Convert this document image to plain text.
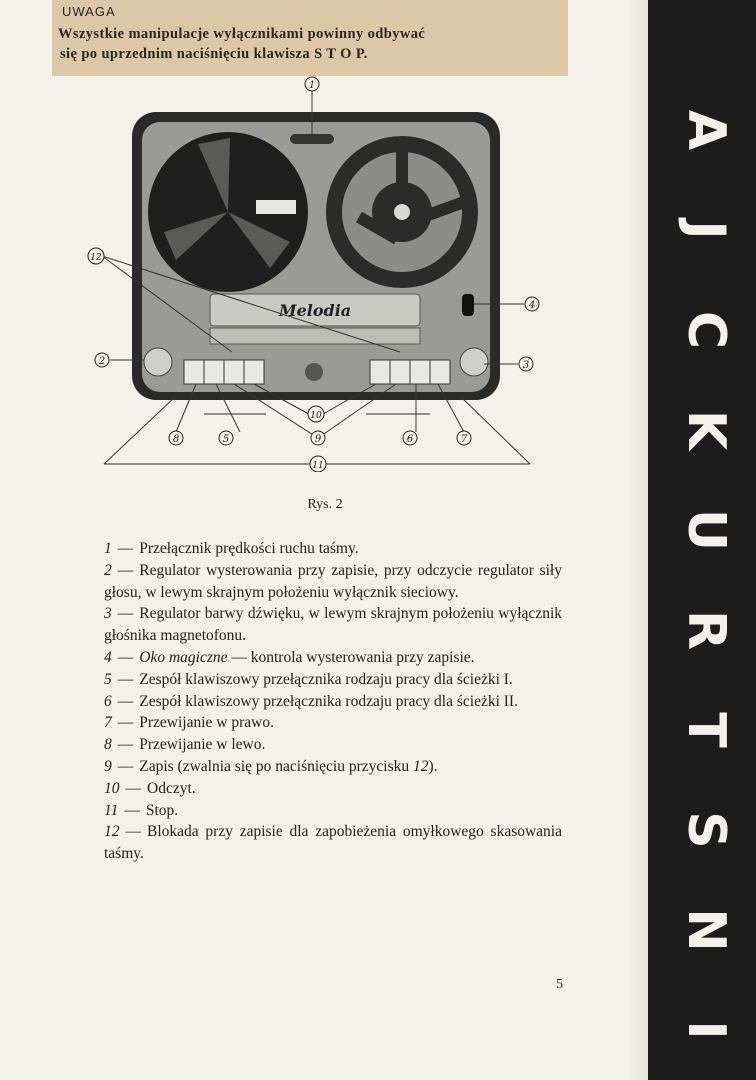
UWAGA
Wszystkie manipulacje wyłącznikami powinny odbywać
się po uprzednim naciśnięciu klawisza S T O P.
Melodia
1
2	3
4
5	6	7
8	9
10
11
12
Rys. 2

1 — Przełącznik prędkości ruchu taśmy.

2 — Regulator wysterowania przy zapisie, przy odczycie regulator siły głosu, w lewym skrajnym położeniu wyłącznik sieciowy.

3 — Regulator barwy dźwięku, w lewym skrajnym położeniu wyłącznik głośnika magnetofonu.

4 — Oko magiczne — kontrola wysterowania przy zapisie.

5 — Zespół klawiszowy przełącznika rodzaju pracy dla ścieżki I.

6 — Zespół klawiszowy przełącznika rodzaju pracy dla ścieżki II.

7 — Przewijanie w prawo.

8 — Przewijanie w lewo.

9 — Zapis (zwalnia się po naciśnięciu przycisku 12).

10 — Odczyt.

11 — Stop.

12 — Blokada przy zapisie dla zapobieżenia omyłkowego skasowania taśmy.

5
A
J
C
K
U
R
T
S
N
I
